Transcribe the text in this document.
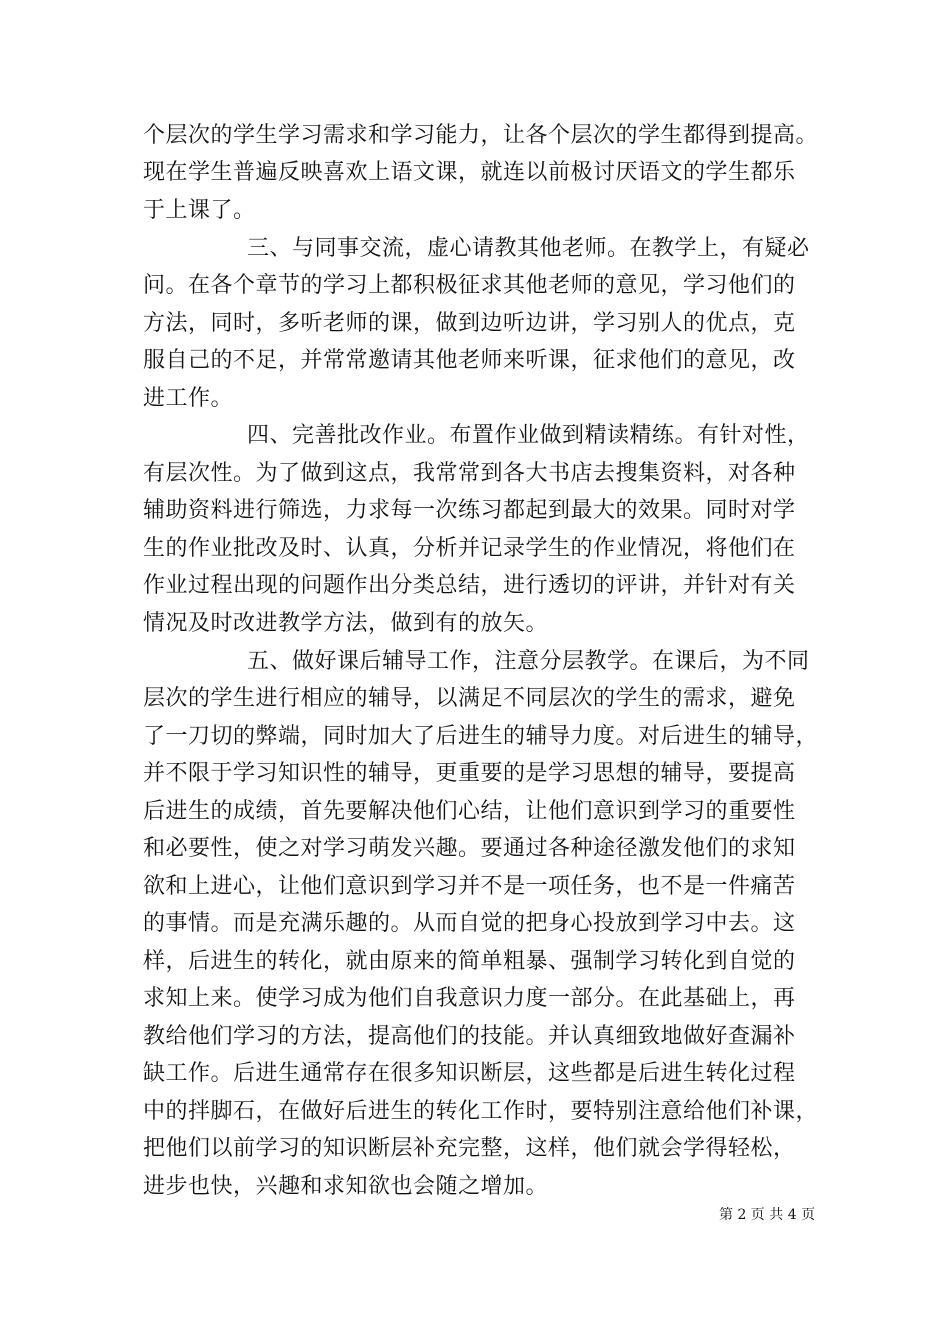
个层次的学生学习需求和学习能力，让各个层次的学生都得到提高。
现在学生普遍反映喜欢上语文课，就连以前极讨厌语文的学生都乐
于上课了。
三、与同事交流，虚心请教其他老师。在教学上，有疑必
问。在各个章节的学习上都积极征求其他老师的意见，学习他们的
方法，同时，多听老师的课，做到边听边讲，学习别人的优点，克
服自己的不足，并常常邀请其他老师来听课，征求他们的意见，改
进工作。
四、完善批改作业。布置作业做到精读精练。有针对性，
有层次性。为了做到这点，我常常到各大书店去搜集资料，对各种
辅助资料进行筛选，力求每一次练习都起到最大的效果。同时对学
生的作业批改及时、认真，分析并记录学生的作业情况，将他们在
作业过程出现的问题作出分类总结，进行透切的评讲，并针对有关
情况及时改进教学方法，做到有的放矢。
五、做好课后辅导工作，注意分层教学。在课后，为不同
层次的学生进行相应的辅导，以满足不同层次的学生的需求，避免
了一刀切的弊端，同时加大了后进生的辅导力度。对后进生的辅导，
并不限于学习知识性的辅导，更重要的是学习思想的辅导，要提高
后进生的成绩，首先要解决他们心结，让他们意识到学习的重要性
和必要性，使之对学习萌发兴趣。要通过各种途径激发他们的求知
欲和上进心，让他们意识到学习并不是一项任务，也不是一件痛苦
的事情。而是充满乐趣的。从而自觉的把身心投放到学习中去。这
样，后进生的转化，就由原来的简单粗暴、强制学习转化到自觉的
求知上来。使学习成为他们自我意识力度一部分。在此基础上，再
教给他们学习的方法，提高他们的技能。并认真细致地做好查漏补
缺工作。后进生通常存在很多知识断层，这些都是后进生转化过程
中的拌脚石，在做好后进生的转化工作时，要特别注意给他们补课，
把他们以前学习的知识断层补充完整，这样，他们就会学得轻松，
进步也快，兴趣和求知欲也会随之增加。
第 2 页 共 4 页
